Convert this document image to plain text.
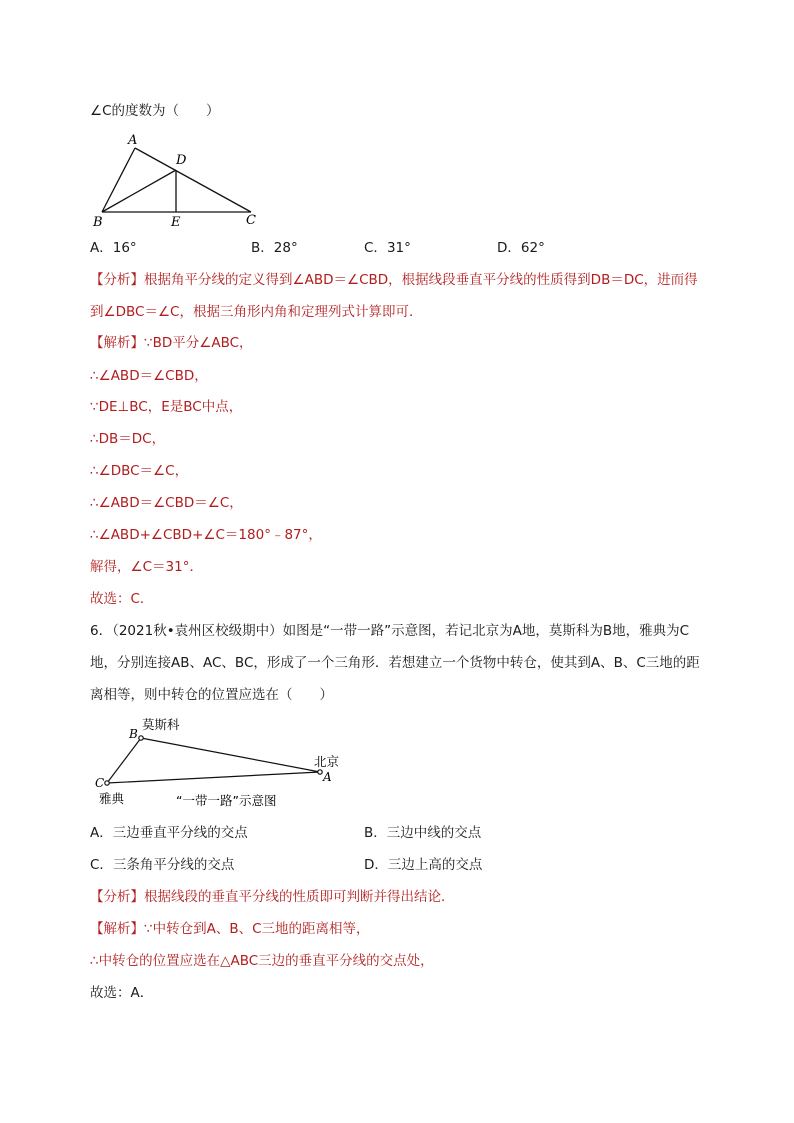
∠C的度数为（　　）
A
D
B	E	C
A．16°	B．28°	C．31°	D．62°
【分析】根据角平分线的定义得到∠ABD＝∠CBD，根据线段垂直平分线的性质得到DB＝DC，进而得
到∠DBC＝∠C，根据三角形内角和定理列式计算即可．
【解析】∵BD平分∠ABC，
∴∠ABD＝∠CBD，
∵DE⊥BC，E是BC中点，
∴DB＝DC，
∴∠DBC＝∠C，
∴∠ABD＝∠CBD＝∠C，
∴∠ABD+∠CBD+∠C＝180°﹣87°，
解得，∠C＝31°．
故选：C．
6．（2021秋•袁州区校级期中）如图是“一带一路”示意图，若记北京为A地，莫斯科为B地，雅典为C
地，分别连接AB、AC、BC，形成了一个三角形．若想建立一个货物中转仓，使其到A、B、C三地的距
离相等，则中转仓的位置应选在（　　）
B
莫斯科
A
北京
C
雅典	“一带一路”示意图
A．三边垂直平分线的交点	B．三边中线的交点
C．三条角平分线的交点	D．三边上高的交点
【分析】根据线段的垂直平分线的性质即可判断并得出结论．
【解析】∵中转仓到A、B、C三地的距离相等，
∴中转仓的位置应选在△ABC三边的垂直平分线的交点处，
故选：A．
